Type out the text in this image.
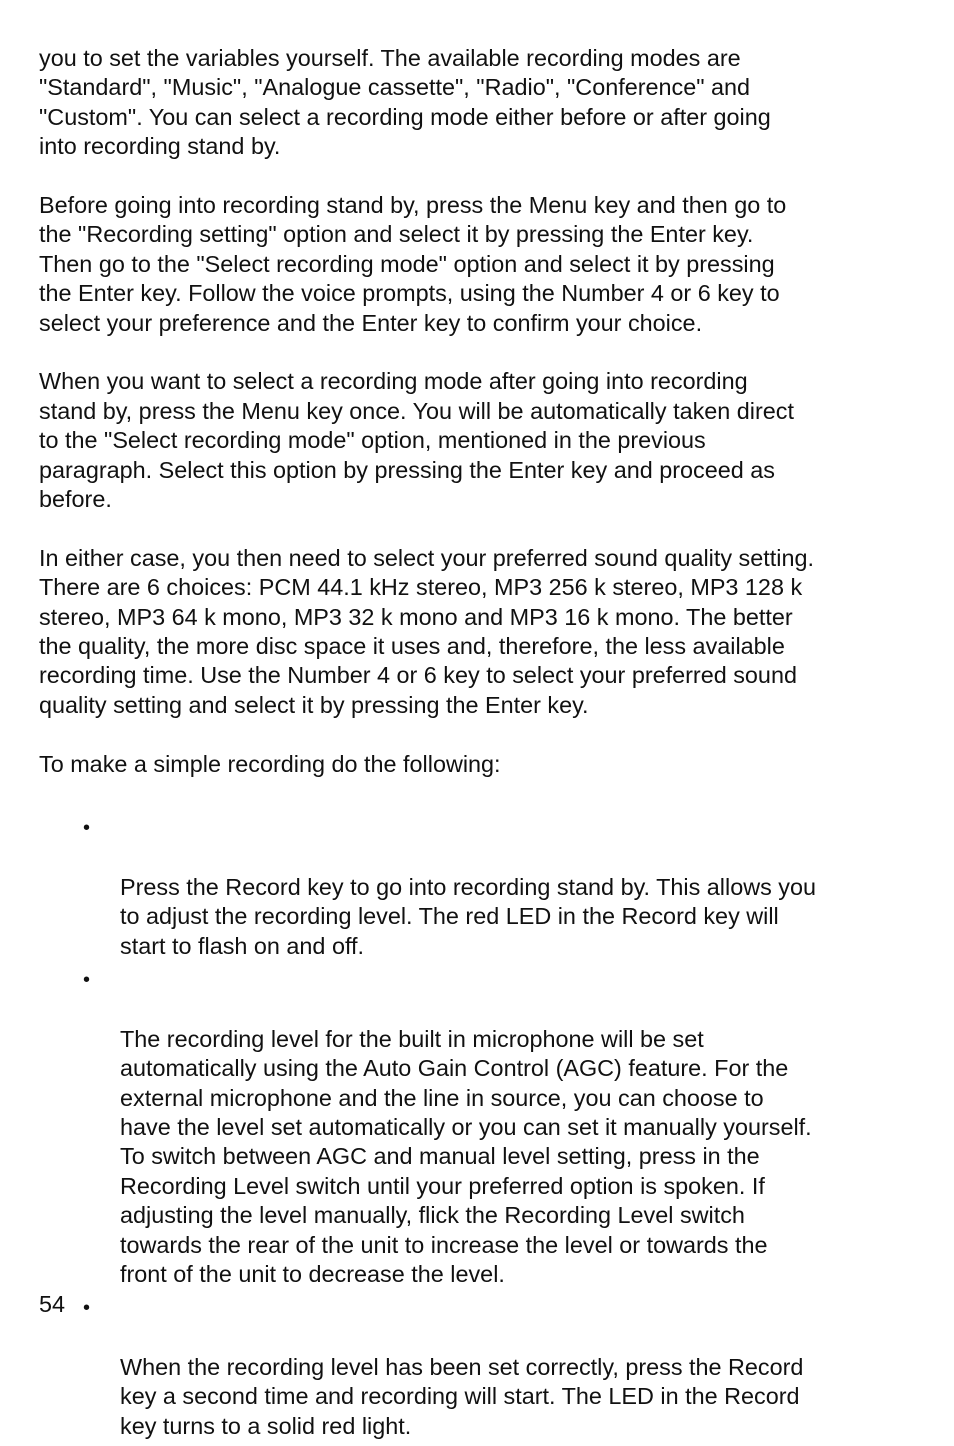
you to set the variables yourself. The available recording modes are
"Standard", "Music", "Analogue cassette", "Radio", "Conference" and
"Custom". You can select a recording mode either before or after going
into recording stand by.

Before going into recording stand by, press the Menu key and then go to
the "Recording setting" option and select it by pressing the Enter key.
Then go to the "Select recording mode" option and select it by pressing
the Enter key. Follow the voice prompts, using the Number 4 or 6 key to
select your preference and the Enter key to confirm your choice.

When you want to select a recording mode after going into recording
stand by, press the Menu key once. You will be automatically taken direct
to the "Select recording mode" option, mentioned in the previous
paragraph. Select this option by pressing the Enter key and proceed as
before.

In either case, you then need to select your preferred sound quality setting.
There are 6 choices: PCM 44.1 kHz stereo, MP3 256 k stereo, MP3 128 k
stereo, MP3 64 k mono, MP3 32 k mono and MP3 16 k mono. The better
the quality, the more disc space it uses and, therefore, the less available
recording time. Use the Number 4 or 6 key to select your preferred sound
quality setting and select it by pressing the Enter key.

To make a simple recording do the following:

•

Press the Record key to go into recording stand by. This allows you
to adjust the recording level. The red LED in the Record key will
start to flash on and off.

•

The recording level for the built in microphone will be set
automatically using the Auto Gain Control (AGC) feature. For the
external microphone and the line in source, you can choose to
have the level set automatically or you can set it manually yourself.
To switch between AGC and manual level setting, press in the
Recording Level switch until your preferred option is spoken. If
adjusting the level manually, flick the Recording Level switch
towards the rear of the unit to increase the level or towards the
front of the unit to decrease the level.

•

When the recording level has been set correctly, press the Record
key a second time and recording will start. The LED in the Record
key turns to a solid red light.

54
